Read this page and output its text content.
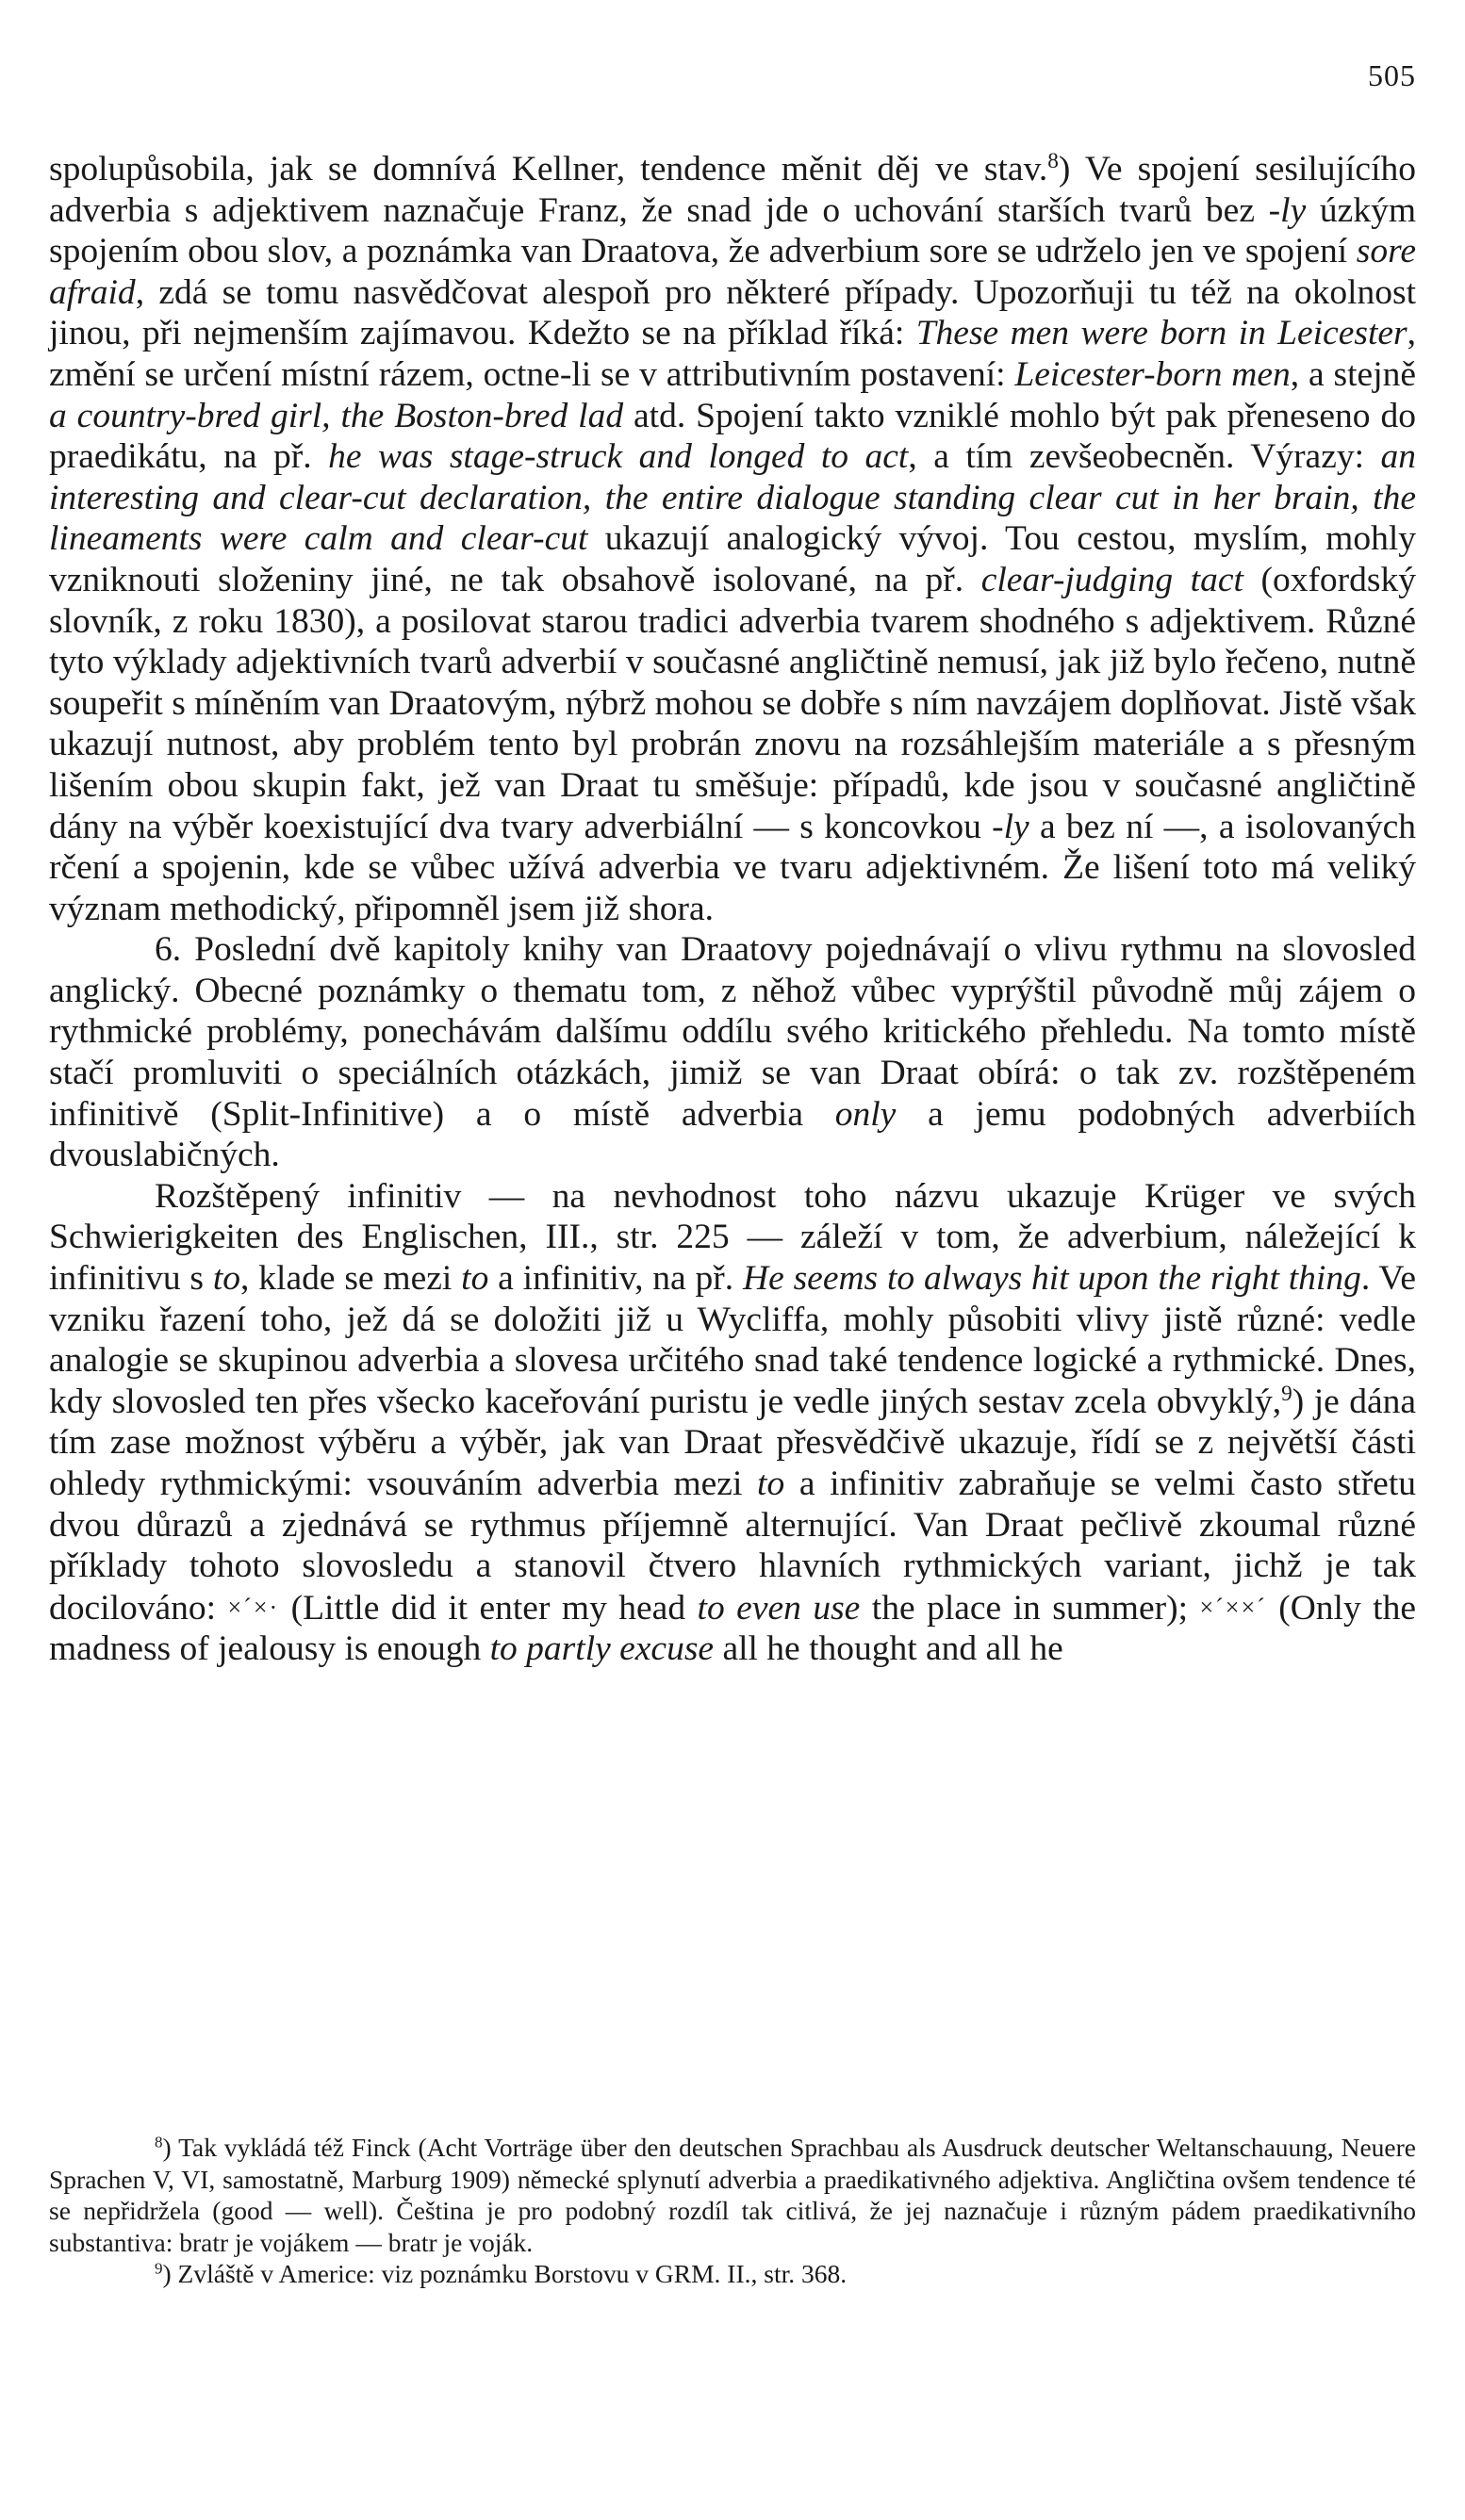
505

spolupůsobila, jak se domnívá Kellner, tendence měnit děj ve stav.$^8$) Ve spojení sesilujícího adverbia s adjektivem naznačuje Franz, že snad jde o uchování starších tvarů bez -ly úzkým spojením obou slov, a poznámka van Draatova, že adverbium sore se udrželo jen ve spojení sore afraid, zdá se tomu nasvědčovat alespoň pro některé případy. Upozorňuji tu též na okolnost jinou, při nejmenším zajímavou. Kdežto se na příklad říká: These men were born in Leicester, změní se určení místní rázem, octne-li se v attributivním postavení: Leicester-born men, a stejně a country-bred girl, the Boston-bred lad atd. Spojení takto vzniklé mohlo být pak přeneseno do praedikátu, na př. he was stage-struck and longed to act, a tím zevšeobecněn. Výrazy: an interesting and clear-cut declaration, the entire dialogue standing clear cut in her brain, the lineaments were calm and clear-cut ukazují analogický vývoj. Tou cestou, myslím, mohly vzniknouti složeniny jiné, ne tak obsahově isolované, na př. clear-judging tact (oxfordský slovník, z roku 1830), a posilovat starou tradici adverbia tvarem shodného s adjektivem. Různé tyto výklady adjektivních tvarů adverbií v současné angličtině nemusí, jak již bylo řečeno, nutně soupeřit s míněním van Draatovým, nýbrž mohou se dobře s ním navzájem doplňovat. Jistě však ukazují nutnost, aby problém tento byl probrán znovu na rozsáhlejším materiále a s přesným lišením obou skupin fakt, jež van Draat tu směšuje: případů, kde jsou v současné angličtině dány na výběr koexistující dva tvary adverbiální — s koncovkou -ly a bez ní —, a isolovaných rčení a spojenin, kde se vůbec užívá adverbia ve tvaru adjektivném. Že lišení toto má veliký význam methodický, připomněl jsem již shora.

6. Poslední dvě kapitoly knihy van Draatovy pojednávají o vlivu rythmu na slovosled anglický. Obecné poznámky o thematu tom, z něhož vůbec vyprýštil původně můj zájem o rythmické problémy, ponechávám dalšímu oddílu svého kritického přehledu. Na tomto místě stačí promluviti o speciálních otázkách, jimiž se van Draat obírá: o tak zv. rozštěpeném infinitivě (Split-Infinitive) a o místě adverbia only a jemu podobných adverbiích dvouslabičných.

Rozštěpený infinitiv — na nevhodnost toho názvu ukazuje Krüger ve svých Schwierigkeiten des Englischen, III., str. 225 — záleží v tom, že adverbium, náležející k infinitivu s to, klade se mezi to a infinitiv, na př. He seems to always hit upon the right thing. Ve vzniku řazení toho, jež dá se doložiti již u Wycliffa, mohly působiti vlivy jistě různé: vedle analogie se skupinou adverbia a slovesa určitého snad také tendence logické a rythmické. Dnes, kdy slovosled ten přes všecko kaceřování puristu je vedle jiných sestav zcela obvyklý,$^9$) je dána tím zase možnost výběru a výběr, jak van Draat přesvědčivě ukazuje, řídí se z největší části ohledy rythmickými: vsouváním adverbia mezi to a infinitiv zabraňuje se velmi často střetu dvou důrazů a zjednává se rythmus příjemně alternující. Van Draat pečlivě zkoumal různé příklady tohoto slovosledu a stanovil čtvero hlavních rythmických variant, jichž je tak docilováno: ×´×· (Little did it enter my head to even use the place in summer); ×´××´ (Only the madness of jealousy is enough to partly excuse all he thought and all he

$^8$) Tak vykládá též Finck (Acht Vorträge über den deutschen Sprachbau als Ausdruck deutscher Weltanschauung, Neuere Sprachen V, VI, samostatně, Marburg 1909) německé splynutí adverbia a praedikativného adjektiva. Angličtina ovšem tendence té se nepřidržela (good — well). Čeština je pro podobný rozdíl tak citlivá, že jej naznačuje i různým pádem praedikativního substantiva: bratr je vojákem — bratr je voják.

$^9$) Zvláště v Americe: viz poznámku Borstovu v GRM. II., str. 368.
